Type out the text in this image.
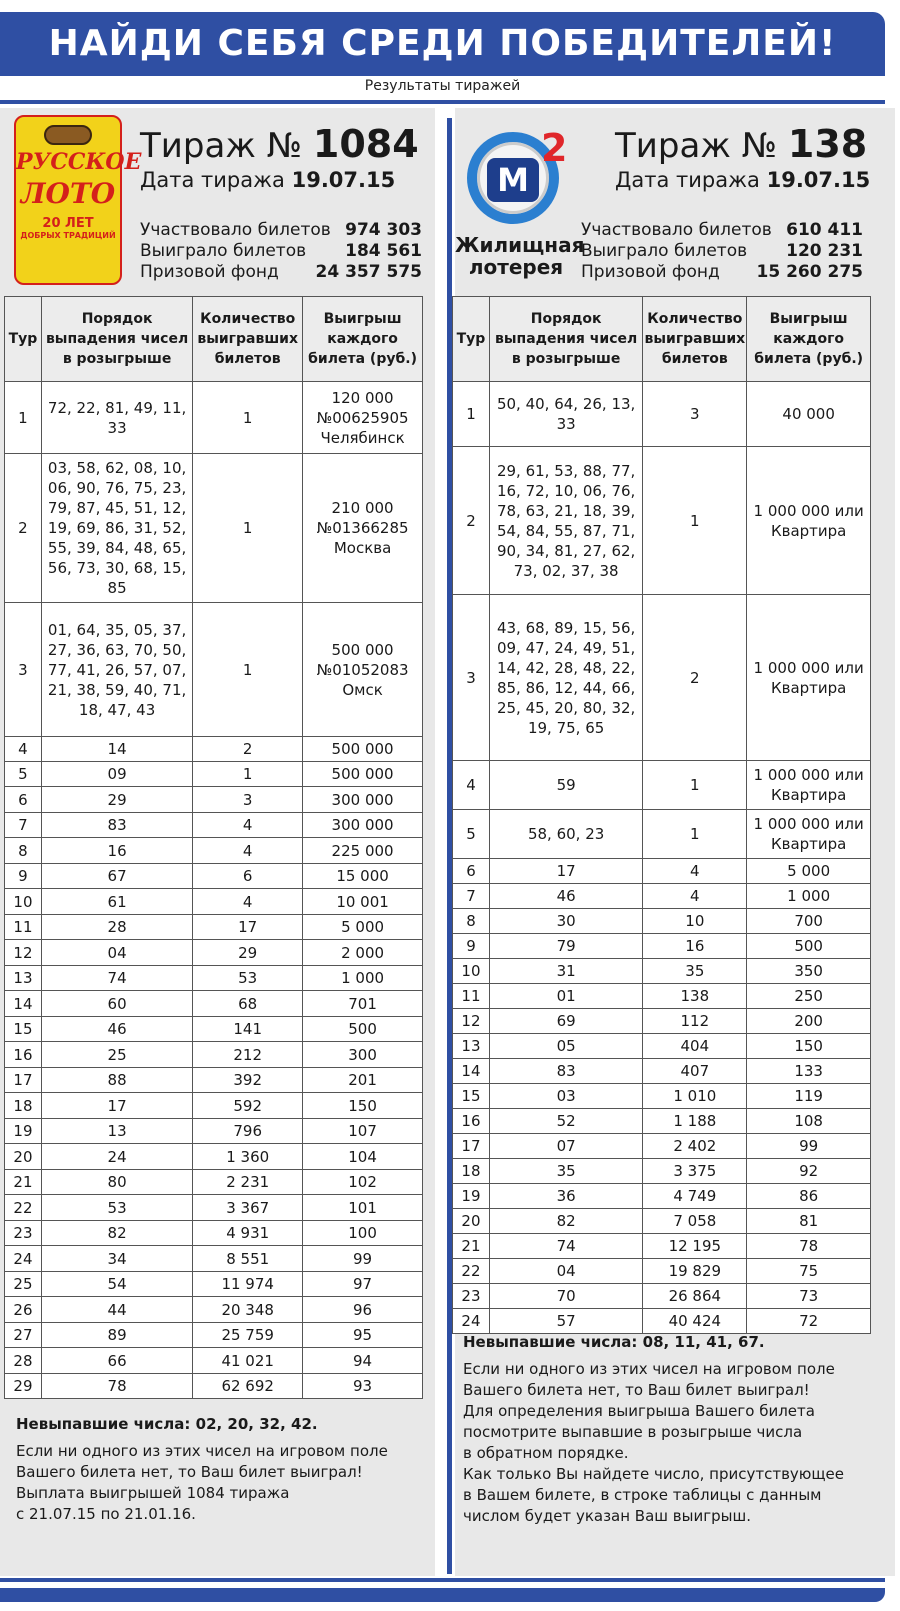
НАЙДИ СЕБЯ СРЕДИ ПОБЕДИТЕЛЕЙ!
Результаты тиражей
РУССКОЕ
ЛОТО
20 ЛЕТ
ДОБРЫХ ТРАДИЦИЙ
Тираж № 1084
Дата тиража 19.07.15
Участвовало билетов 974 303
Выиграло билетов 184 561
Призовой фонд 24 357 575
Тур	Порядок выпадения чисел в розыгрыше	Количество выигравших билетов	Выигрыш каждого билета (руб.)
1	72, 22, 81, 49, 11, 33	1	120 000 №00625905 Челябинск
2	03, 58, 62, 08, 10, 06, 90, 76, 75, 23, 79, 87, 45, 51, 12, 19, 69, 86, 31, 52, 55, 39, 84, 48, 65, 56, 73, 30, 68, 15, 85	1	210 000 №01366285 Москва
3	01, 64, 35, 05, 37, 27, 36, 63, 70, 50, 77, 41, 26, 57, 07, 21, 38, 59, 40, 71, 18, 47, 43	1	500 000 №01052083 Омск
4	14	2	500 000
5	09	1	500 000
6	29	3	300 000
7	83	4	300 000
8	16	4	225 000
9	67	6	15 000
10	61	4	10 001
11	28	17	5 000
12	04	29	2 000
13	74	53	1 000
14	60	68	701
15	46	141	500
16	25	212	300
17	88	392	201
18	17	592	150
19	13	796	107
20	24	1 360	104
21	80	2 231	102
22	53	3 367	101
23	82	4 931	100
24	34	8 551	99
25	54	11 974	97
26	44	20 348	96
27	89	25 759	95
28	66	41 021	94
29	78	62 692	93
Невыпавшие числа: 02, 20, 32, 42.
Если ни одного из этих чисел на игровом поле
Вашего билета нет, то Ваш билет выиграл!
Выплата выигрышей 1084 тиража
с 21.07.15 по 21.01.16.
М
2
Жилищная
лотерея
Тираж № 138
Дата тиража 19.07.15
Участвовало билетов 610 411
Выиграло билетов 120 231
Призовой фонд 15 260 275
Тур	Порядок выпадения чисел в розыгрыше	Количество выигравших билетов	Выигрыш каждого билета (руб.)
1	50, 40, 64, 26, 13, 33	3	40 000
2	29, 61, 53, 88, 77, 16, 72, 10, 06, 76, 78, 63, 21, 18, 39, 54, 84, 55, 87, 71, 90, 34, 81, 27, 62, 73, 02, 37, 38	1	1 000 000 или Квартира
3	43, 68, 89, 15, 56, 09, 47, 24, 49, 51, 14, 42, 28, 48, 22, 85, 86, 12, 44, 66, 25, 45, 20, 80, 32, 19, 75, 65	2	1 000 000 или Квартира
4	59	1	1 000 000 или Квартира
5	58, 60, 23	1	1 000 000 или Квартира
6	17	4	5 000
7	46	4	1 000
8	30	10	700
9	79	16	500
10	31	35	350
11	01	138	250
12	69	112	200
13	05	404	150
14	83	407	133
15	03	1 010	119
16	52	1 188	108
17	07	2 402	99
18	35	3 375	92
19	36	4 749	86
20	82	7 058	81
21	74	12 195	78
22	04	19 829	75
23	70	26 864	73
24	57	40 424	72
Невыпавшие числа: 08, 11, 41, 67.
Если ни одного из этих чисел на игровом поле
Вашего билета нет, то Ваш билет выиграл!
Для определения выигрыша Вашего билета
посмотрите выпавшие в розыгрыше числа
в обратном порядке.
Как только Вы найдете число, присутствующее
в Вашем билете, в строке таблицы с данным
числом будет указан Ваш выигрыш.
